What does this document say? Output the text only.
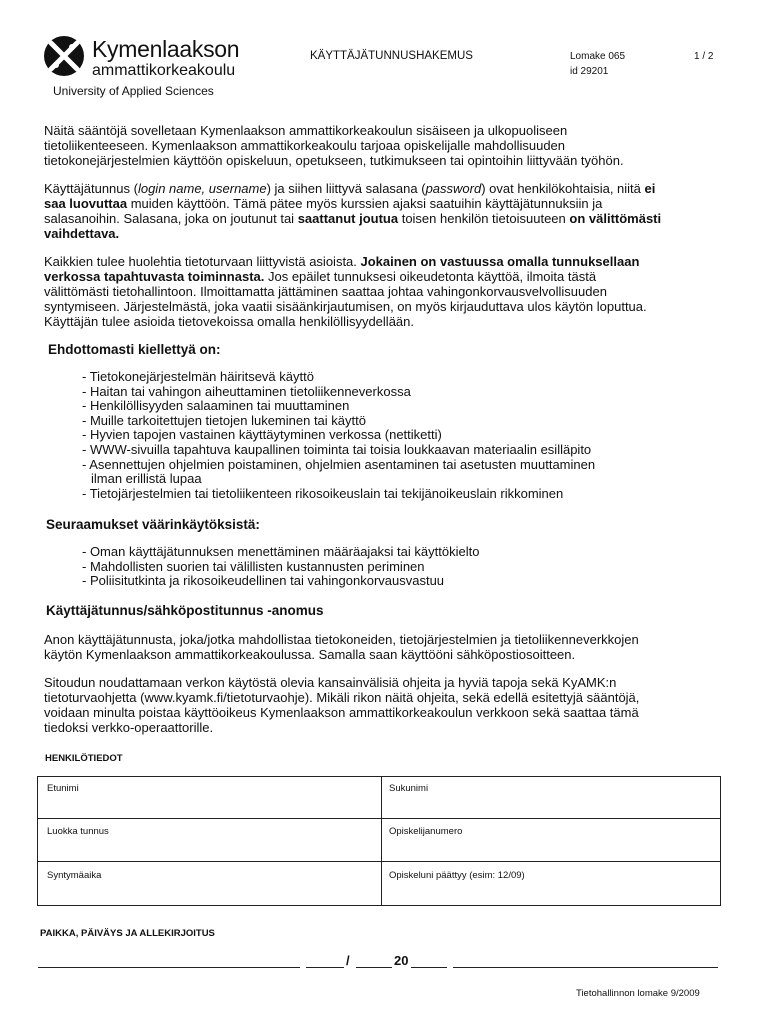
Kymenlaakson
ammattikorkeakoulu
University of Applied Sciences
KÄYTTÄJÄTUNNUSHAKEMUS	Lomake 065
id 29201
1 / 2
Näitä sääntöjä sovelletaan Kymenlaakson ammattikorkeakoulun sisäiseen ja ulkopuoliseen
tietoliikenteeseen. Kymenlaakson ammattikorkeakoulu tarjoaa opiskelijalle mahdollisuuden
tietokonejärjestelmien käyttöön opiskeluun, opetukseen, tutkimukseen tai opintoihin liittyvään työhön.
Käyttäjätunnus (login name, username) ja siihen liittyvä salasana (password) ovat henkilökohtaisia, niitä ei
saa luovuttaa muiden käyttöön. Tämä pätee myös kurssien ajaksi saatuihin käyttäjätunnuksiin ja
salasanoihin. Salasana, joka on joutunut tai saattanut joutua toisen henkilön tietoisuuteen on välittömästi
vaihdettava.
Kaikkien tulee huolehtia tietoturvaan liittyvistä asioista. Jokainen on vastuussa omalla tunnuksellaan
verkossa tapahtuvasta toiminnasta. Jos epäilet tunnuksesi oikeudetonta käyttöä, ilmoita tästä
välittömästi tietohallintoon. Ilmoittamatta jättäminen saattaa johtaa vahingonkorvausvelvollisuuden
syntymiseen. Järjestelmästä, joka vaatii sisäänkirjautumisen, on myös kirjauduttava ulos käytön loputtua.
Käyttäjän tulee asioida tietovekoissa omalla henkilöllisyydellään.
Ehdottomasti kiellettyä on:
- Tietokonejärjestelmän häiritsevä käyttö
- Haitan tai vahingon aiheuttaminen tietoliikenneverkossa
- Henkilöllisyyden salaaminen tai muuttaminen
- Muille tarkoitettujen tietojen lukeminen tai käyttö
- Hyvien tapojen vastainen käyttäytyminen verkossa (nettiketti)
- WWW-sivuilla tapahtuva kaupallinen toiminta tai toisia loukkaavan materiaalin esilläpito
- Asennettujen ohjelmien poistaminen, ohjelmien asentaminen tai asetusten muuttaminen
ilman erillistä lupaa
- Tietojärjestelmien tai tietoliikenteen rikosoikeuslain tai tekijänoikeuslain rikkominen
Seuraamukset väärinkäytöksistä:
- Oman käyttäjätunnuksen menettäminen määräajaksi tai käyttökielto
- Mahdollisten suorien tai välillisten kustannusten periminen
- Poliisitutkinta ja rikosoikeudellinen tai vahingonkorvausvastuu
Käyttäjätunnus/sähköpostitunnus -anomus
Anon käyttäjätunnusta, joka/jotka mahdollistaa tietokoneiden, tietojärjestelmien ja tietoliikenneverkkojen
käytön Kymenlaakson ammattikorkeakoulussa. Samalla saan käyttööni sähköpostiosoitteen.
Sitoudun noudattamaan verkon käytöstä olevia kansainvälisiä ohjeita ja hyviä tapoja sekä KyAMK:n
tietoturvaohjetta (www.kyamk.fi/tietoturvaohje). Mikäli rikon näitä ohjeita, sekä edellä esitettyjä sääntöjä,
voidaan minulta poistaa käyttöoikeus Kymenlaakson ammattikorkeakoulun verkkoon sekä saattaa tämä
tiedoksi verkko-operaattorille.
HENKILÖTIEDOT
Etunimi	Sukunimi
Luokka tunnus	Opiskelijanumero
Syntymäaika	Opiskeluni päättyy (esim: 12/09)
PAIKKA, PÄIVÄYS JA ALLEKIRJOITUS
/	20
Tietohallinnon lomake 9/2009
